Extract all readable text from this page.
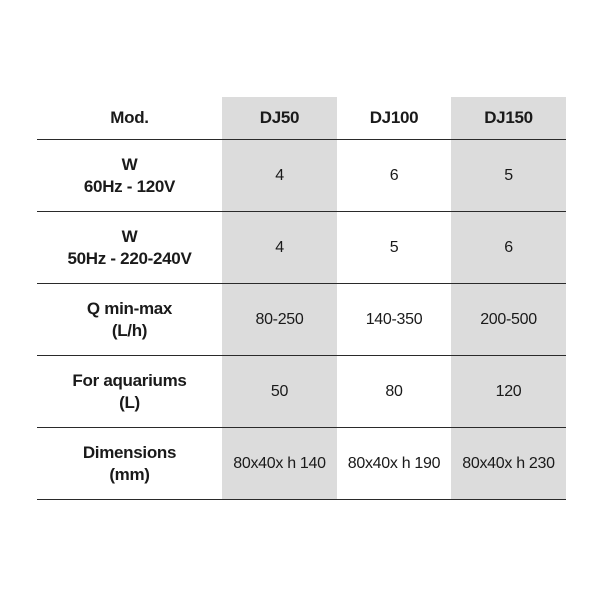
Mod.	DJ50	DJ100	DJ150

W
60Hz - 120V	4	6	5

W
50Hz - 220-240V	4	5	6

Q min-max
(L/h)	80-250	140-350	200-500

For aquariums
(L)	50	80	120

Dimensions
(mm)	80x40x h 140	80x40x h 190	80x40x h 230
